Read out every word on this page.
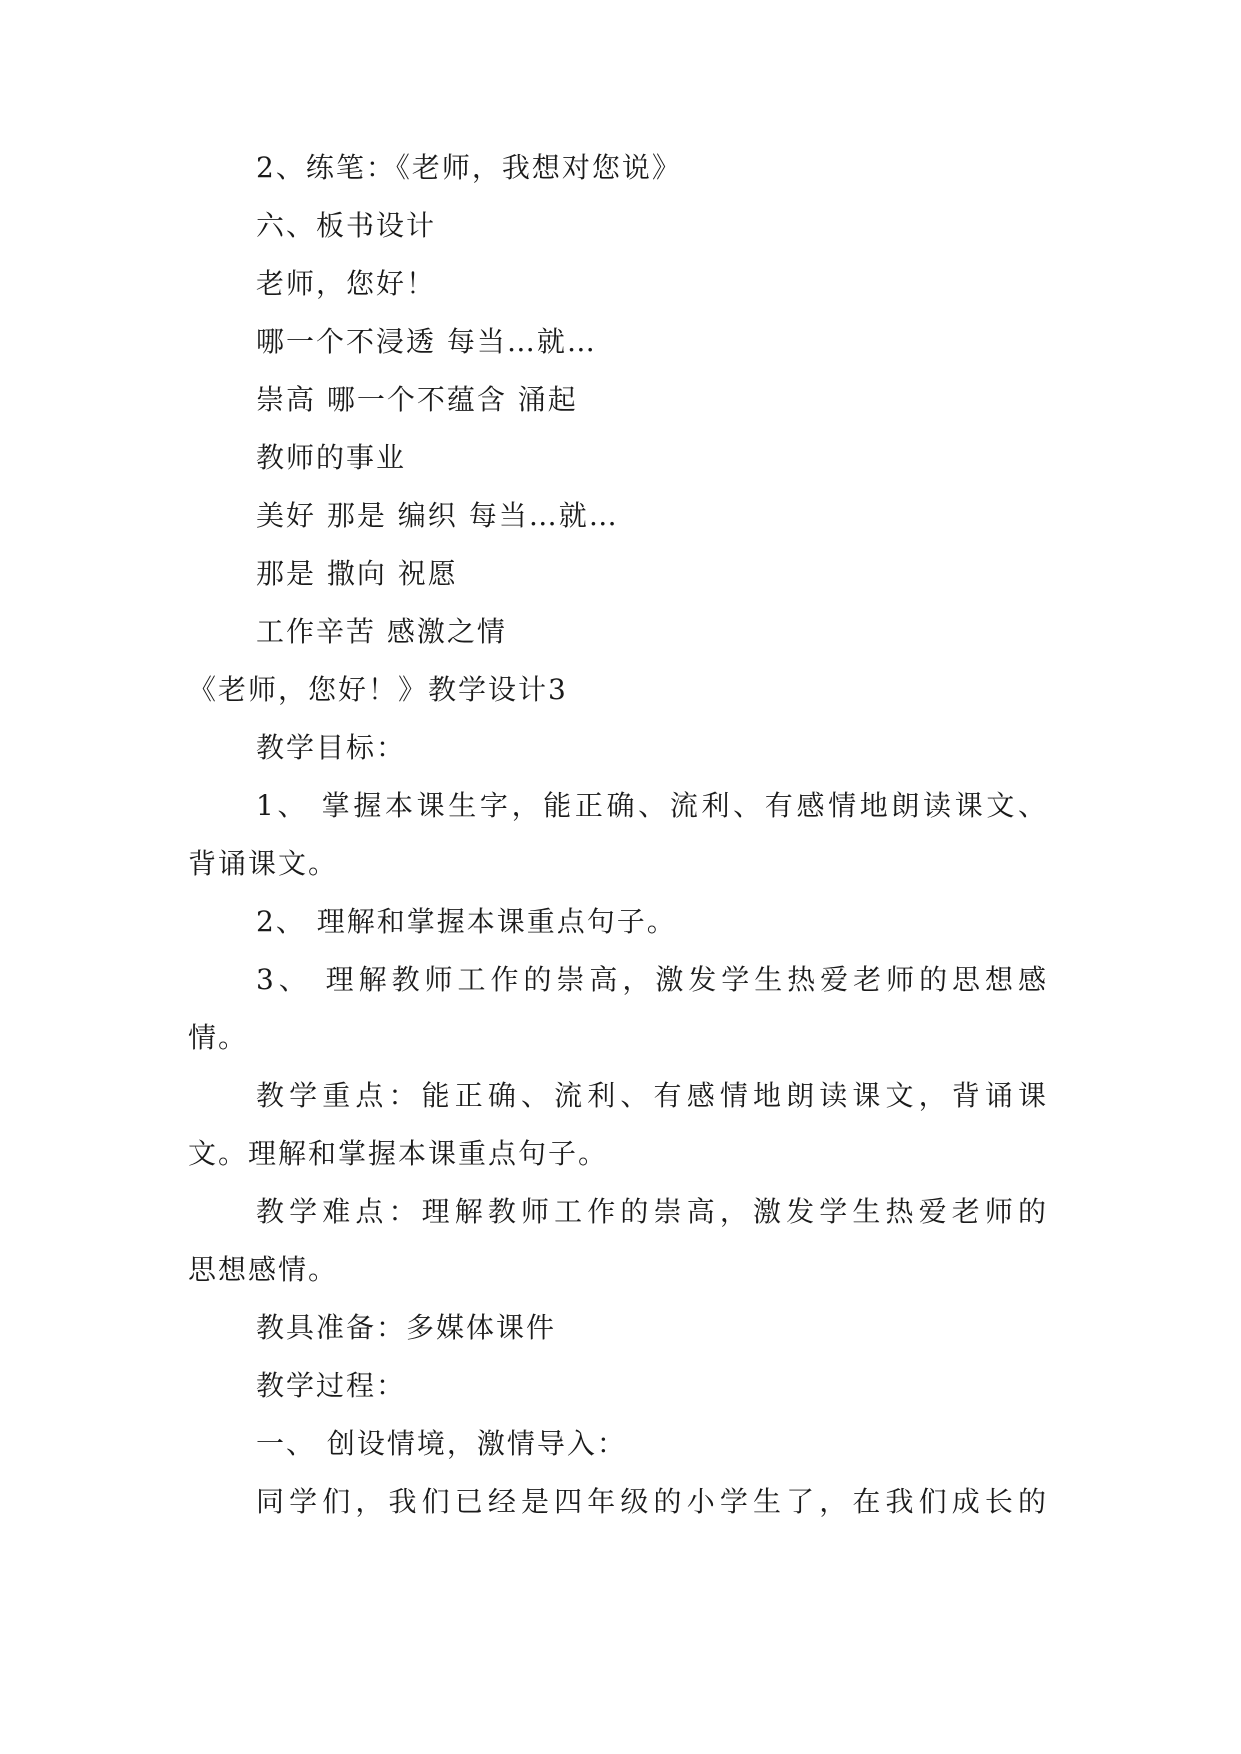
2、练笔：《老师，我想对您说》
六、板书设计
老师，您好！
哪一个不浸透 每当…就…
崇高 哪一个不蕴含 涌起
教师的事业
美好 那是 编织 每当…就…
那是 撒向 祝愿
工作辛苦 感激之情
《老师，您好！》教学设计3
教学目标：
1、 掌握本课生字，能正确、流利、有感情地朗读课文、
背诵课文。
2、 理解和掌握本课重点句子。
3、 理解教师工作的崇高，激发学生热爱老师的思想感
情。
教学重点：能正确、流利、有感情地朗读课文，背诵课
文。理解和掌握本课重点句子。
教学难点：理解教师工作的崇高，激发学生热爱老师的
思想感情。
教具准备：多媒体课件
教学过程：
一、 创设情境，激情导入：
同学们，我们已经是四年级的小学生了，在我们成长的
